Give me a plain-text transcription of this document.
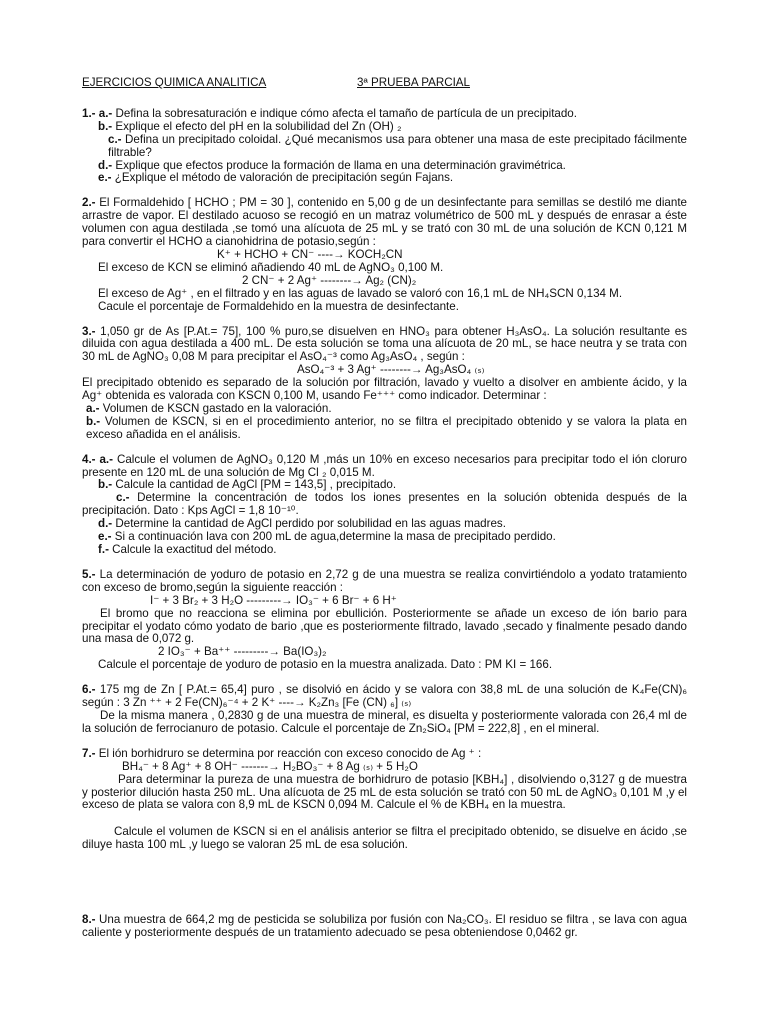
EJERCICIOS QUIMICA ANALITICA	3ª PRUEBA PARCIAL
1.- a.- Defina la sobresaturación e indique cómo afecta el tamaño de partícula de un precipitado.
b.- Explique el efecto del pH en la solubilidad del Zn (OH) ₂
c.- Defina un precipitado coloidal. ¿Qué mecanismos usa para obtener una masa de este precipitado fácilmente filtrable?
d.- Explique que efectos produce la formación de llama en una determinación gravimétrica.
e.- ¿Explique el método de valoración de precipitación según Fajans.
2.- El Formaldehido [ HCHO ; PM = 30 ], contenido en 5,00 g de un desinfectante para semillas se destiló me diante arrastre de vapor. El destilado acuoso se recogió en un matraz volumétrico de 500 mL y después de enrasar a éste volumen con agua destilada ,se tomó una alícuota de 25 mL y se trató con 30 mL de una solución de KCN 0,121 M para convertir el HCHO a cianohidrina de potasio,según :
K⁺ + HCHO + CN⁻ ----→ KOCH₂CN
El exceso de KCN se eliminó añadiendo 40 mL de AgNO₃ 0,100 M.
2 CN⁻ + 2 Ag⁺ --------→ Ag₂ (CN)₂
El exceso de Ag⁺ , en el filtrado y en las aguas de lavado se valoró con 16,1 mL de NH₄SCN 0,134 M.
Cacule el porcentaje de Formaldehido en la muestra de desinfectante.
3.- 1,050 gr de As [P.At.= 75], 100 % puro,se disuelven en HNO₃ para obtener H₃AsO₄. La solución resultante es diluida con agua destilada a 400 mL. De esta solución se toma una alícuota de 20 mL, se hace neutra y se trata con 30 mL de AgNO₃ 0,08 M para precipitar el AsO₄⁻³ como Ag₃AsO₄ , según :
AsO₄⁻³ + 3 Ag⁺ --------→ Ag₃AsO₄ ₍ₛ₎
El precipitado obtenido es separado de la solución por filtración, lavado y vuelto a disolver en ambiente ácido, y la Ag⁺ obtenida es valorada con KSCN 0,100 M, usando Fe⁺⁺⁺ como indicador. Determinar :
a.- Volumen de KSCN gastado en la valoración.
b.- Volumen de KSCN, si en el procedimiento anterior, no se filtra el precipitado obtenido y se valora la plata en exceso añadida en el análisis.
4.- a.- Calcule el volumen de AgNO₃ 0,120 M ,más un 10% en exceso necesarios para precipitar todo el ión cloruro presente en 120 mL de una solución de Mg Cl ₂ 0,015 M.
b.- Calcule la cantidad de AgCl [PM = 143,5] , precipitado.
c.- Determine la concentración de todos los iones presentes en la solución obtenida después de la precipitación. Dato : Kps AgCl = 1,8 10⁻¹⁰.
d.- Determine la cantidad de AgCl perdido por solubilidad en las aguas madres.
e.- Si a continuación lava con 200 mL de agua,determine la masa de precipitado perdido.
f.- Calcule la exactitud del método.
5.- La determinación de yoduro de potasio en 2,72 g de una muestra se realiza convirtiéndolo a yodato tratamiento con exceso de bromo,según la siguiente reacción :
I⁻ + 3 Br₂ + 3 H₂O ---------→ IO₃⁻ + 6 Br⁻ + 6 H⁺
El bromo que no reacciona se elimina por ebullición. Posteriormente se añade un exceso de ión bario para precipitar el yodato cómo yodato de bario ,que es posteriormente filtrado, lavado ,secado y finalmente pesado dando una masa de 0,072 g.
2 IO₃⁻ + Ba⁺⁺ ---------→ Ba(IO₃)₂
Calcule el porcentaje de yoduro de potasio en la muestra analizada. Dato : PM KI = 166.
6.- 175 mg de Zn [ P.At.= 65,4] puro , se disolvió en ácido y se valora con 38,8 mL de una solución de K₄Fe(CN)₆ según : 3 Zn ⁺⁺ + 2 Fe(CN)₆⁻⁴ + 2 K⁺ ----→ K₂Zn₃ [Fe (CN) ₆] ₍ₛ₎
De la misma manera , 0,2830 g de una muestra de mineral, es disuelta y posteriormente valorada con 26,4 ml de la solución de ferrocianuro de potasio. Calcule el porcentaje de Zn₂SiO₄ [PM = 222,8] , en el mineral.
7.- El ión borhidruro se determina por reacción con exceso conocido de Ag ⁺ :
BH₄⁻ + 8 Ag⁺ + 8 OH⁻ -------→ H₂BO₃⁻ + 8 Ag ₍ₛ₎ + 5 H₂O
Para determinar la pureza de una muestra de borhidruro de potasio [KBH₄] , disolviendo o,3127 g de muestra y posterior dilución hasta 250 mL. Una alícuota de 25 mL de esta solución se trató con 50 mL de AgNO₃ 0,101 M ,y el exceso de plata se valora con 8,9 mL de KSCN 0,094 M. Calcule el % de KBH₄ en la muestra.
Calcule el volumen de KSCN si en el análisis anterior se filtra el precipitado obtenido, se disuelve en ácido ,se diluye hasta 100 mL ,y luego se valoran 25 mL de esa solución.
8.- Una muestra de 664,2 mg de pesticida se solubiliza por fusión con Na₂CO₃. El residuo se filtra , se lava con agua caliente y posteriormente después de un tratamiento adecuado se pesa obteniendose 0,0462 gr.
